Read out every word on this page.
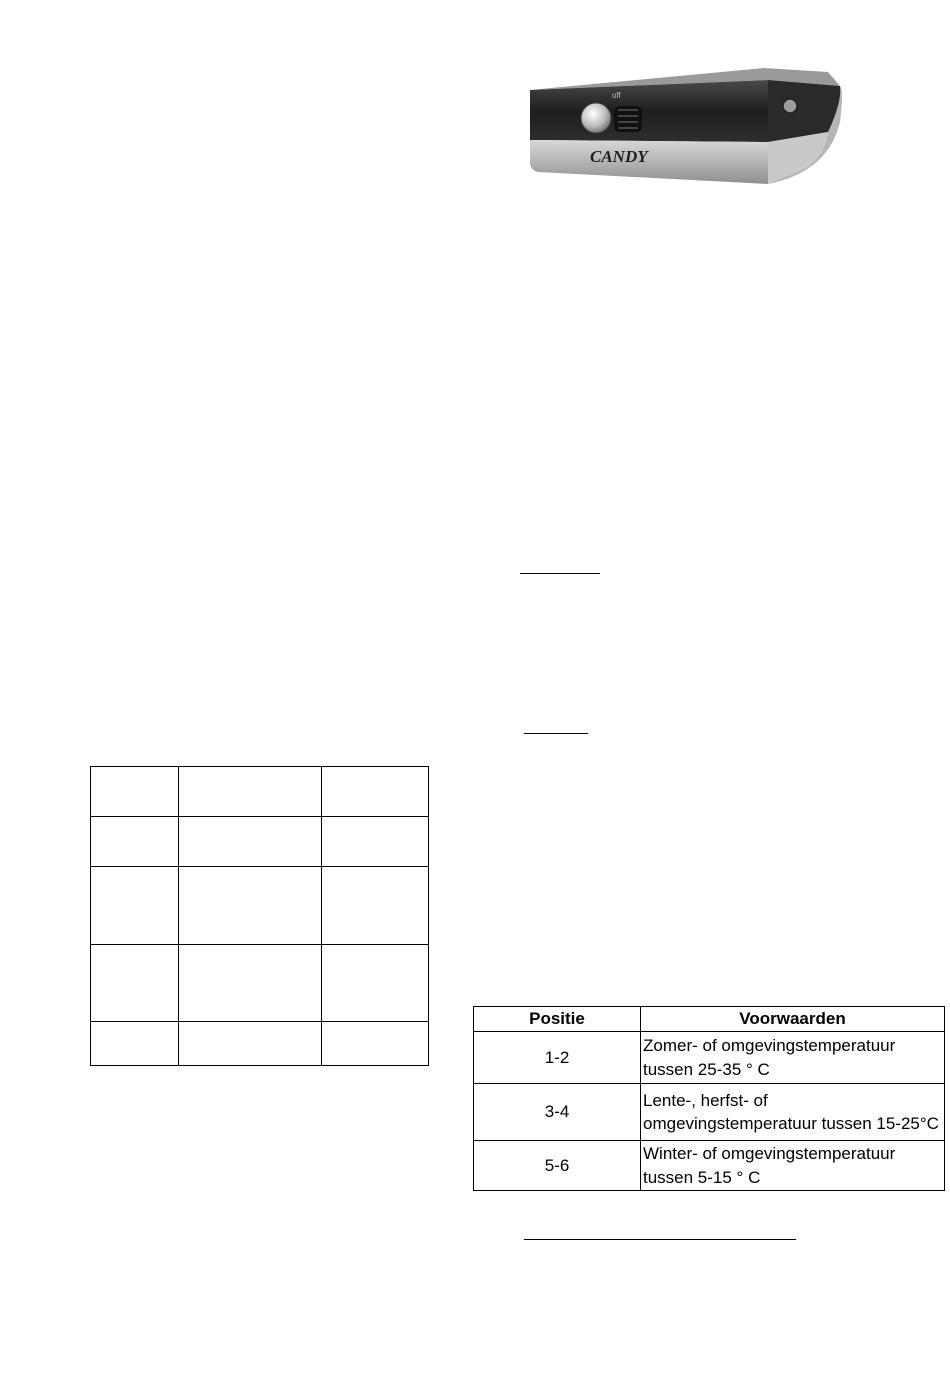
off
CANDY

Positie	Voorwaarden
1-2	Zomer- of omgevingstemperatuur tussen 25-35 ° C
3-4	Lente-, herfst- of omgevingstemperatuur tussen 15-25°C
5-6	Winter- of omgevingstemperatuur tussen 5-15 ° C
